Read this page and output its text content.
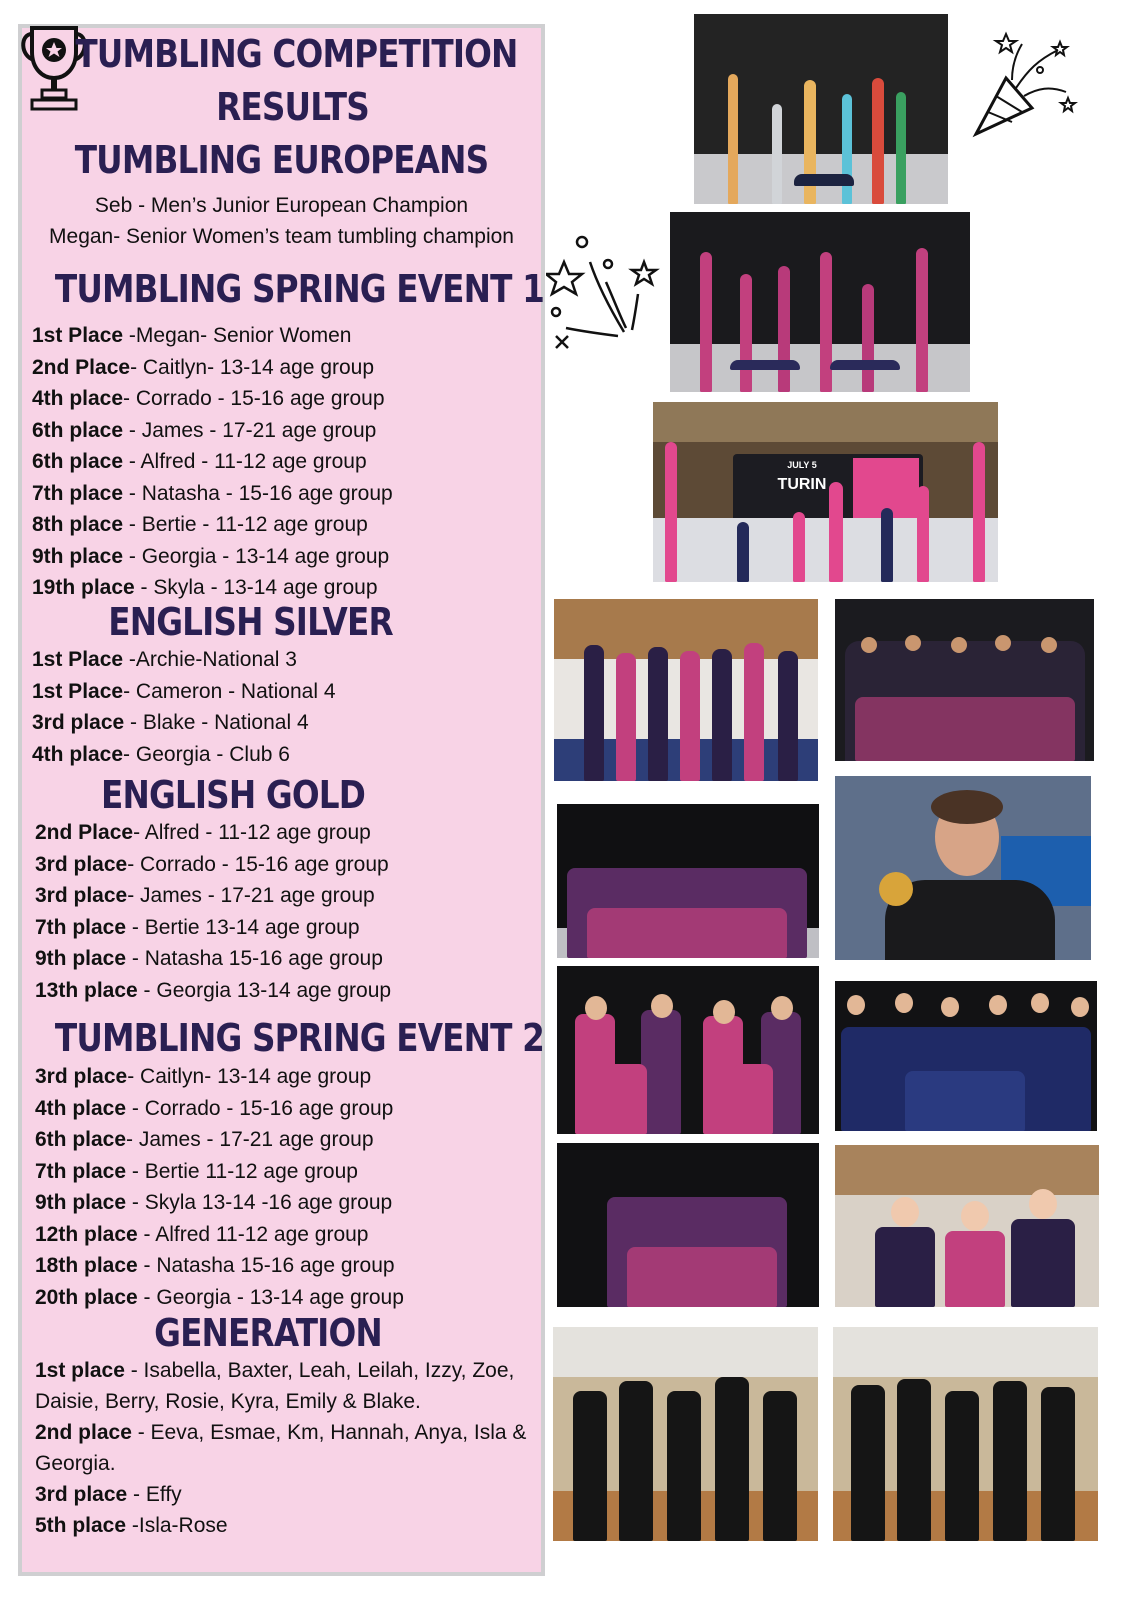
TUMBLING COMPETITION
RESULTS
TUMBLING EUROPEANS
Seb - Men’s Junior European Champion
Megan- Senior Women’s team tumbling champion
TUMBLING SPRING EVENT 1
1st Place -Megan- Senior Women
2nd Place- Caitlyn- 13-14 age group
4th place- Corrado - 15-16 age group
6th place - James - 17-21 age group
6th place - Alfred - 11-12 age group
7th place - Natasha - 15-16 age group
8th place - Bertie - 11-12 age group
9th place - Georgia - 13-14 age group
19th place - Skyla - 13-14 age group
ENGLISH SILVER
1st Place -Archie-National 3
1st Place- Cameron - National 4
3rd place - Blake - National 4
4th place- Georgia - Club 6
ENGLISH GOLD
2nd Place- Alfred - 11-12 age group
3rd place- Corrado - 15-16 age group
3rd place- James - 17-21 age group
7th place - Bertie 13-14 age group
9th place - Natasha 15-16 age group
13th place - Georgia 13-14 age group
TUMBLING SPRING EVENT 2
3rd place- Caitlyn- 13-14 age group
4th place - Corrado - 15-16 age group
6th place- James - 17-21 age group
7th place - Bertie 11-12 age group
9th place - Skyla 13-14 -16 age group
12th place - Alfred 11-12 age group
18th place - Natasha 15-16 age group
20th place - Georgia - 13-14 age group
GENERATION
1st place - Isabella, Baxter, Leah, Leilah, Izzy, Zoe, Daisie, Berry, Rosie, Kyra, Emily & Blake.
2nd place - Eeva, Esmae, Km, Hannah, Anya, Isla & Georgia.
3rd place - Effy
5th place -Isla-Rose
JULY 5
TURIN
